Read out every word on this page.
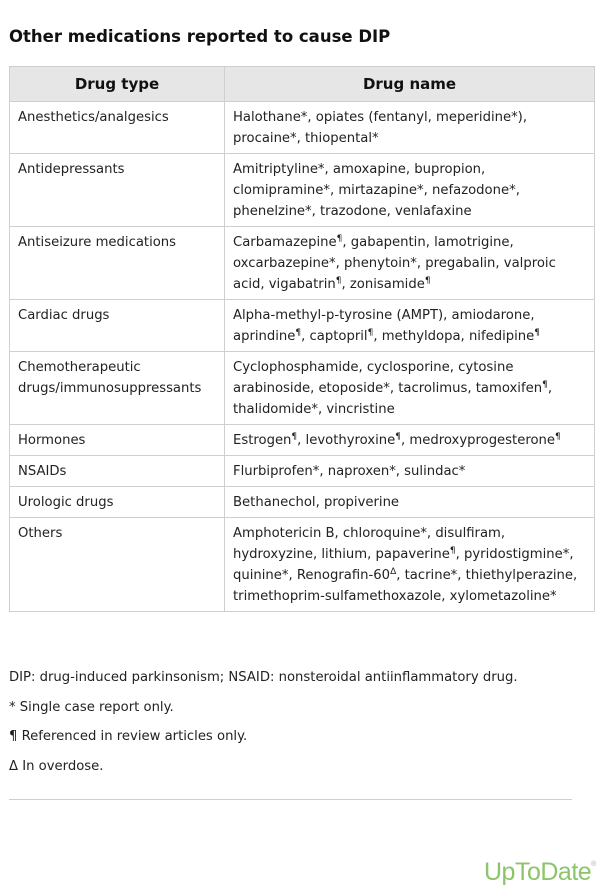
Other medications reported to cause DIP
Drug type	Drug name
Anesthetics/analgesics	Halothane*, opiates (fentanyl, meperidine*), procaine*, thiopental*
Antidepressants	Amitriptyline*, amoxapine, bupropion, clomipramine*, mirtazapine*, nefazodone*, phenelzine*, trazodone, venlafaxine
Antiseizure medications	Carbamazepine¶, gabapentin, lamotrigine, oxcarbazepine*, phenytoin*, pregabalin, valproic acid, vigabatrin¶, zonisamide¶
Cardiac drugs	Alpha-methyl-p-tyrosine (AMPT), amiodarone, aprindine¶, captopril¶, methyldopa, nifedipine¶
Chemotherapeutic drugs/immunosuppressants	Cyclophosphamide, cyclosporine, cytosine arabinoside, etoposide*, tacrolimus, tamoxifen¶, thalidomide*, vincristine
Hormones	Estrogen¶, levothyroxine¶, medroxyprogesterone¶
NSAIDs	Flurbiprofen*, naproxen*, sulindac*
Urologic drugs	Bethanechol, propiverine
Others	Amphotericin B, chloroquine*, disulfiram, hydroxyzine, lithium, papaverine¶, pyridostigmine*, quinine*, Renografin-$60^\Delta$, tacrine*, thiethylperazine, trimethoprim-sulfamethoxazole, xylometazoline*

DIP: drug-induced parkinsonism; NSAID: nonsteroidal antiinflammatory drug.

* Single case report only.

¶ Referenced in review articles only.

Δ In overdose.

UpToDate®
